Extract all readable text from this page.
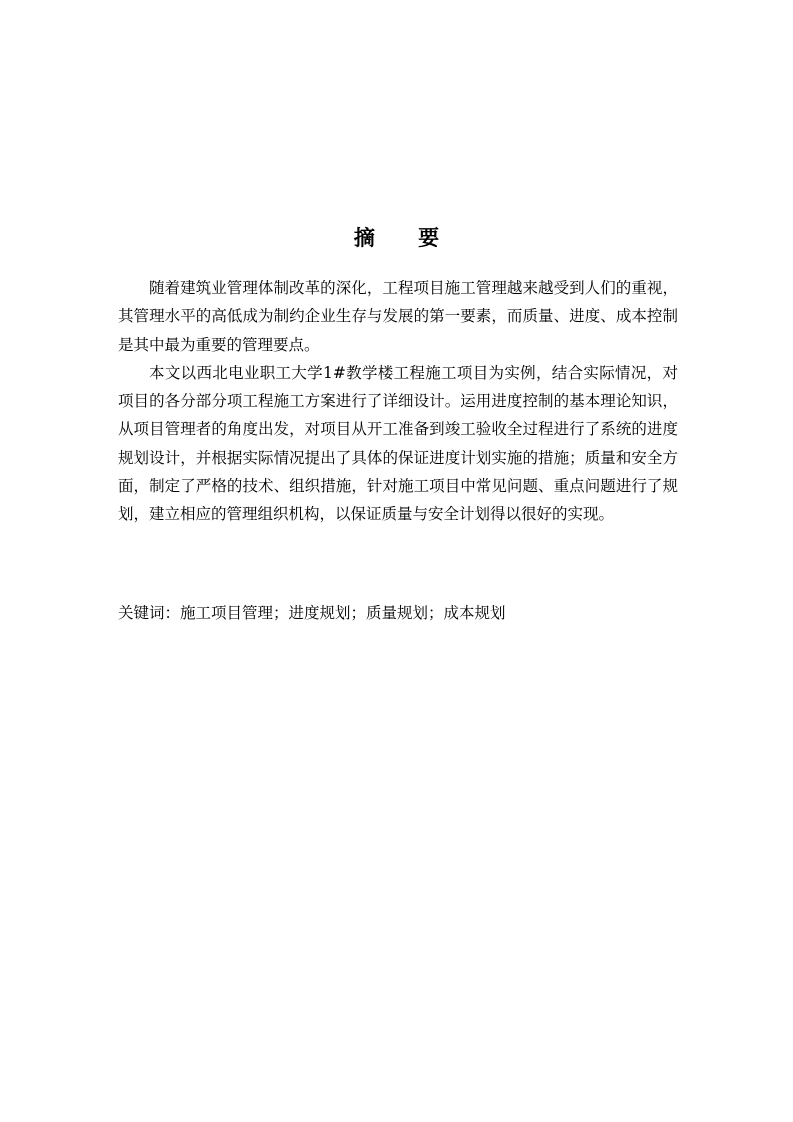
摘 要

随着建筑业管理体制改革的深化，工程项目施工管理越来越受到人们的重视，其管理水平的高低成为制约企业生存与发展的第一要素，而质量、进度、成本控制是其中最为重要的管理要点。

本文以西北电业职工大学1#教学楼工程施工项目为实例，结合实际情况，对项目的各分部分项工程施工方案进行了详细设计。运用进度控制的基本理论知识，从项目管理者的角度出发，对项目从开工准备到竣工验收全过程进行了系统的进度规划设计，并根据实际情况提出了具体的保证进度计划实施的措施；质量和安全方面，制定了严格的技术、组织措施，针对施工项目中常见问题、重点问题进行了规划，建立相应的管理组织机构，以保证质量与安全计划得以很好的实现。

关键词：施工项目管理；进度规划；质量规划；成本规划
